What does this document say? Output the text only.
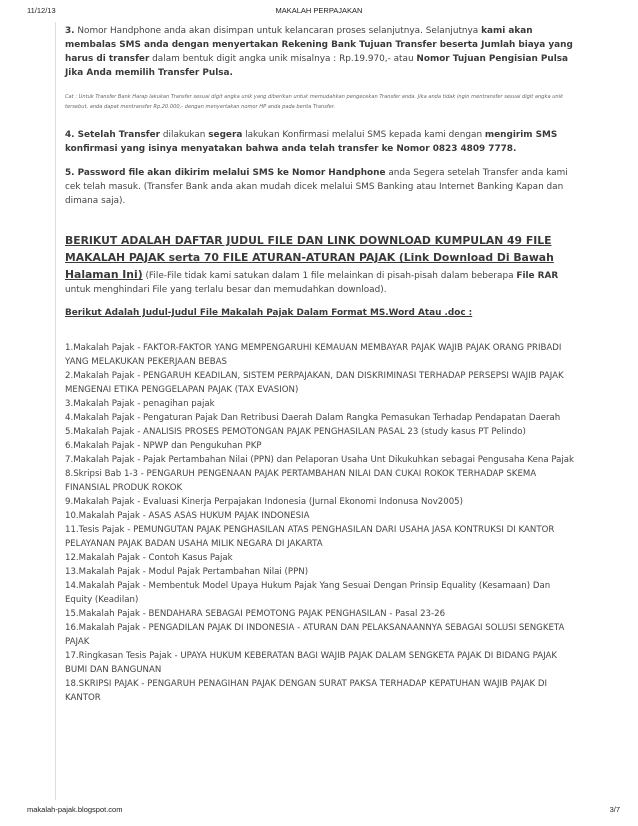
11/12/13	MAKALAH PERPAJAKAN

3. Nomor Handphone anda akan disimpan untuk kelancaran proses selanjutnya. Selanjutnya kami akan membalas SMS anda dengan menyertakan Rekening Bank Tujuan Transfer beserta Jumlah biaya yang harus di transfer dalam bentuk digit angka unik misalnya : Rp.19.970,- atau Nomor Tujuan Pengisian Pulsa Jika Anda memilih Transfer Pulsa.

Cat : Untuk Transfer Bank Harap lakukan Transfer sesuai digit angka unik yang diberikan untuk memudahkan pengecekan Transfer anda. Jika anda tidak ingin mentransfer sesuai digit angka unik tersebut, anda dapat mentransfer Rp.20.000,- dengan menyertakan nomor HP anda pada berita Transfer.

4. Setelah Transfer dilakukan segera lakukan Konfirmasi melalui SMS kepada kami dengan mengirim SMS konfirmasi yang isinya menyatakan bahwa anda telah transfer ke Nomor 0823 4809 7778.

5. Password file akan dikirim melalui SMS ke Nomor Handphone anda Segera setelah Transfer anda kami cek telah masuk. (Transfer Bank anda akan mudah dicek melalui SMS Banking atau Internet Banking Kapan dan dimana saja).

BERIKUT ADALAH DAFTAR JUDUL FILE DAN LINK DOWNLOAD KUMPULAN 49 FILE MAKALAH PAJAK serta 70 FILE ATURAN-ATURAN PAJAK (Link Download Di Bawah Halaman Ini) (File-File tidak kami satukan dalam 1 file melainkan di pisah-pisah dalam beberapa File RAR untuk menghindari File yang terlalu besar dan memudahkan download).

Berikut Adalah Judul-Judul File Makalah Pajak Dalam Format MS.Word Atau .doc :

1.Makalah Pajak - FAKTOR-FAKTOR YANG MEMPENGARUHI KEMAUAN MEMBAYAR PAJAK WAJIB PAJAK ORANG PRIBADI YANG MELAKUKAN PEKERJAAN BEBAS

2.Makalah Pajak - PENGARUH KEADILAN, SISTEM PERPAJAKAN, DAN DISKRIMINASI TERHADAP PERSEPSI WAJIB PAJAK MENGENAI ETIKA PENGGELAPAN PAJAK (TAX EVASION)

3.Makalah Pajak - penagihan pajak

4.Makalah Pajak - Pengaturan Pajak Dan Retribusi Daerah Dalam Rangka Pemasukan Terhadap Pendapatan Daerah

5.Makalah Pajak - ANALISIS PROSES PEMOTONGAN PAJAK PENGHASILAN PASAL 23 (study kasus PT Pelindo)

6.Makalah Pajak - NPWP dan Pengukuhan PKP

7.Makalah Pajak - Pajak Pertambahan Nilai (PPN) dan Pelaporan Usaha Unt Dikukuhkan sebagai Pengusaha Kena Pajak

8.Skripsi Bab 1-3 - PENGARUH PENGENAAN PAJAK PERTAMBAHAN NILAI DAN CUKAI ROKOK TERHADAP SKEMA FINANSIAL PRODUK ROKOK

9.Makalah Pajak - Evaluasi Kinerja Perpajakan Indonesia (Jurnal Ekonomi Indonusa Nov2005)

10.Makalah Pajak - ASAS ASAS HUKUM PAJAK INDONESIA

11.Tesis Pajak - PEMUNGUTAN PAJAK PENGHASILAN ATAS PENGHASILAN DARI USAHA JASA KONTRUKSI DI KANTOR PELAYANAN PAJAK BADAN USAHA MILIK NEGARA DI JAKARTA

12.Makalah Pajak - Contoh Kasus Pajak

13.Makalah Pajak - Modul Pajak Pertambahan Nilai (PPN)

14.Makalah Pajak - Membentuk Model Upaya Hukum Pajak Yang Sesuai Dengan Prinsip Equality (Kesamaan) Dan Equity (Keadilan)

15.Makalah Pajak - BENDAHARA SEBAGAI PEMOTONG PAJAK PENGHASILAN - Pasal 23-26

16.Makalah Pajak - PENGADILAN PAJAK DI INDONESIA - ATURAN DAN PELAKSANAANNYA SEBAGAI SOLUSI SENGKETA PAJAK

17.Ringkasan Tesis Pajak - UPAYA HUKUM KEBERATAN BAGI WAJIB PAJAK DALAM SENGKETA PAJAK DI BIDANG PAJAK BUMI DAN BANGUNAN

18.SKRIPSI PAJAK - PENGARUH PENAGIHAN PAJAK DENGAN SURAT PAKSA TERHADAP KEPATUHAN WAJIB PAJAK DI KANTOR

makalah-pajak.blogspot.com	3/7
